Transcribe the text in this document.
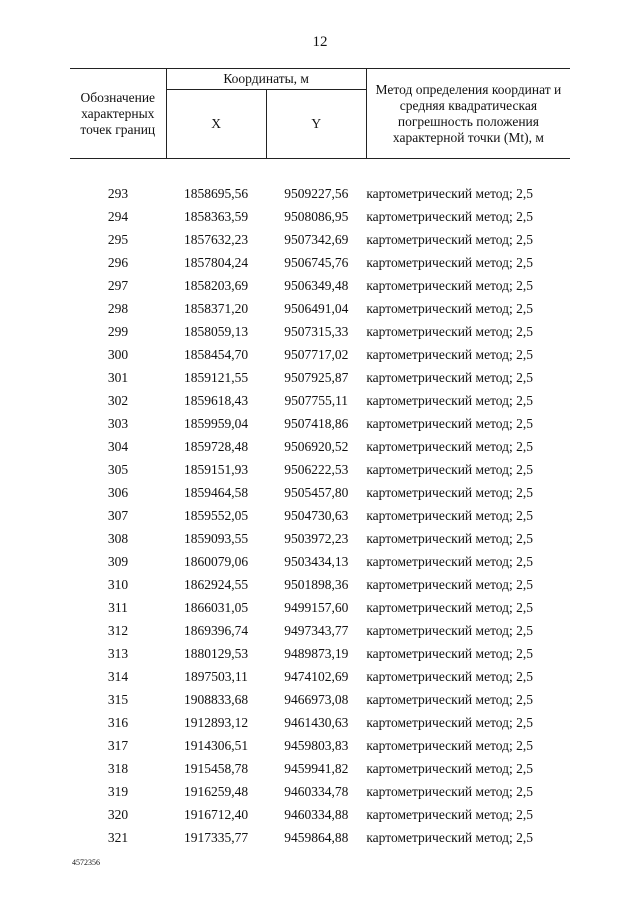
12
Обозначение характерных точек границ	Координаты, м		Метод определения координат и средняя квадратическая погрешность положения характерной точки (Mt), м
	X	Y	

293	1858695,56	9509227,56	картометрический метод; 2,5
294	1858363,59	9508086,95	картометрический метод; 2,5
295	1857632,23	9507342,69	картометрический метод; 2,5
296	1857804,24	9506745,76	картометрический метод; 2,5
297	1858203,69	9506349,48	картометрический метод; 2,5
298	1858371,20	9506491,04	картометрический метод; 2,5
299	1858059,13	9507315,33	картометрический метод; 2,5
300	1858454,70	9507717,02	картометрический метод; 2,5
301	1859121,55	9507925,87	картометрический метод; 2,5
302	1859618,43	9507755,11	картометрический метод; 2,5
303	1859959,04	9507418,86	картометрический метод; 2,5
304	1859728,48	9506920,52	картометрический метод; 2,5
305	1859151,93	9506222,53	картометрический метод; 2,5
306	1859464,58	9505457,80	картометрический метод; 2,5
307	1859552,05	9504730,63	картометрический метод; 2,5
308	1859093,55	9503972,23	картометрический метод; 2,5
309	1860079,06	9503434,13	картометрический метод; 2,5
310	1862924,55	9501898,36	картометрический метод; 2,5
311	1866031,05	9499157,60	картометрический метод; 2,5
312	1869396,74	9497343,77	картометрический метод; 2,5
313	1880129,53	9489873,19	картометрический метод; 2,5
314	1897503,11	9474102,69	картометрический метод; 2,5
315	1908833,68	9466973,08	картометрический метод; 2,5
316	1912893,12	9461430,63	картометрический метод; 2,5
317	1914306,51	9459803,83	картометрический метод; 2,5
318	1915458,78	9459941,82	картометрический метод; 2,5
319	1916259,48	9460334,78	картометрический метод; 2,5
320	1916712,40	9460334,88	картометрический метод; 2,5
321	1917335,77	9459864,88	картометрический метод; 2,5
4572356
